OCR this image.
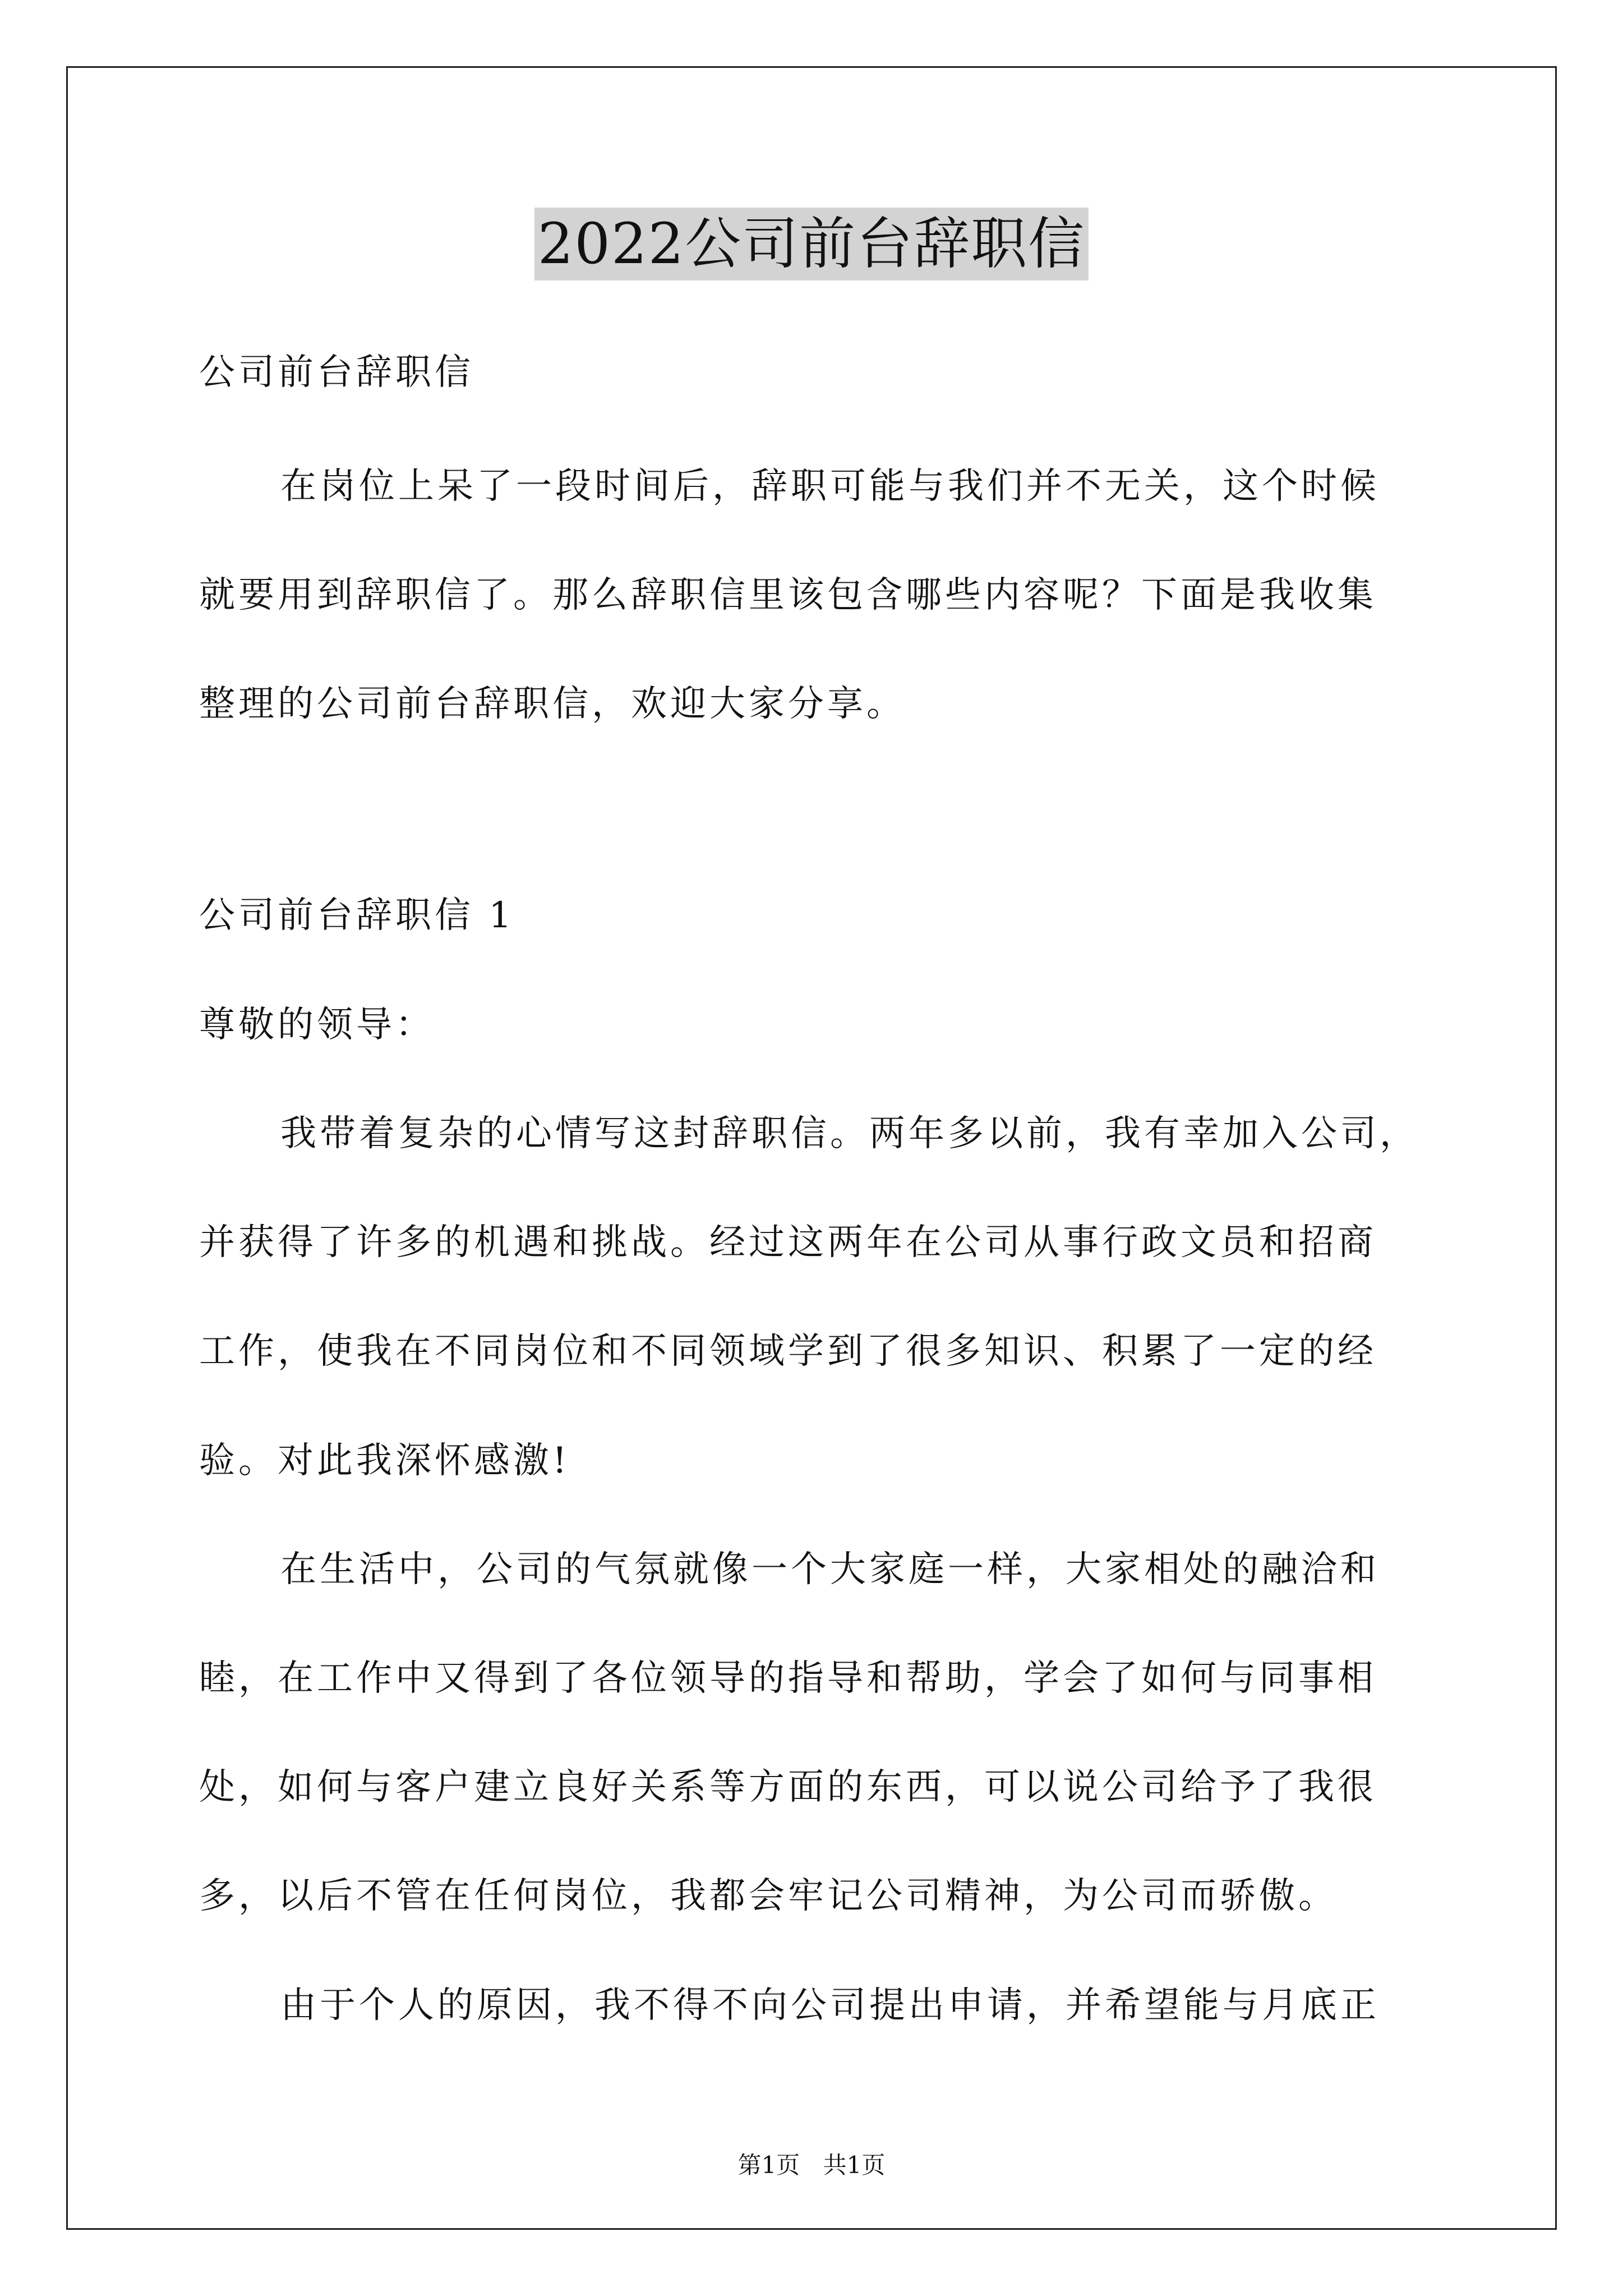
2022公司前台辞职信
公司前台辞职信
在岗位上呆了一段时间后，辞职可能与我们并不无关，这个时候
就要用到辞职信了。那么辞职信里该包含哪些内容呢？下面是我收集
整理的公司前台辞职信，欢迎大家分享。
公司前台辞职信 1
尊敬的领导：
我带着复杂的心情写这封辞职信。两年多以前，我有幸加入公司，
并获得了许多的机遇和挑战。经过这两年在公司从事行政文员和招商
工作，使我在不同岗位和不同领域学到了很多知识、积累了一定的经
验。对此我深怀感激!
在生活中，公司的气氛就像一个大家庭一样，大家相处的融洽和
睦，在工作中又得到了各位领导的指导和帮助，学会了如何与同事相
处，如何与客户建立良好关系等方面的东西，可以说公司给予了我很
多，以后不管在任何岗位，我都会牢记公司精神，为公司而骄傲。
由于个人的原因，我不得不向公司提出申请，并希望能与月底正
第1页 共1页
